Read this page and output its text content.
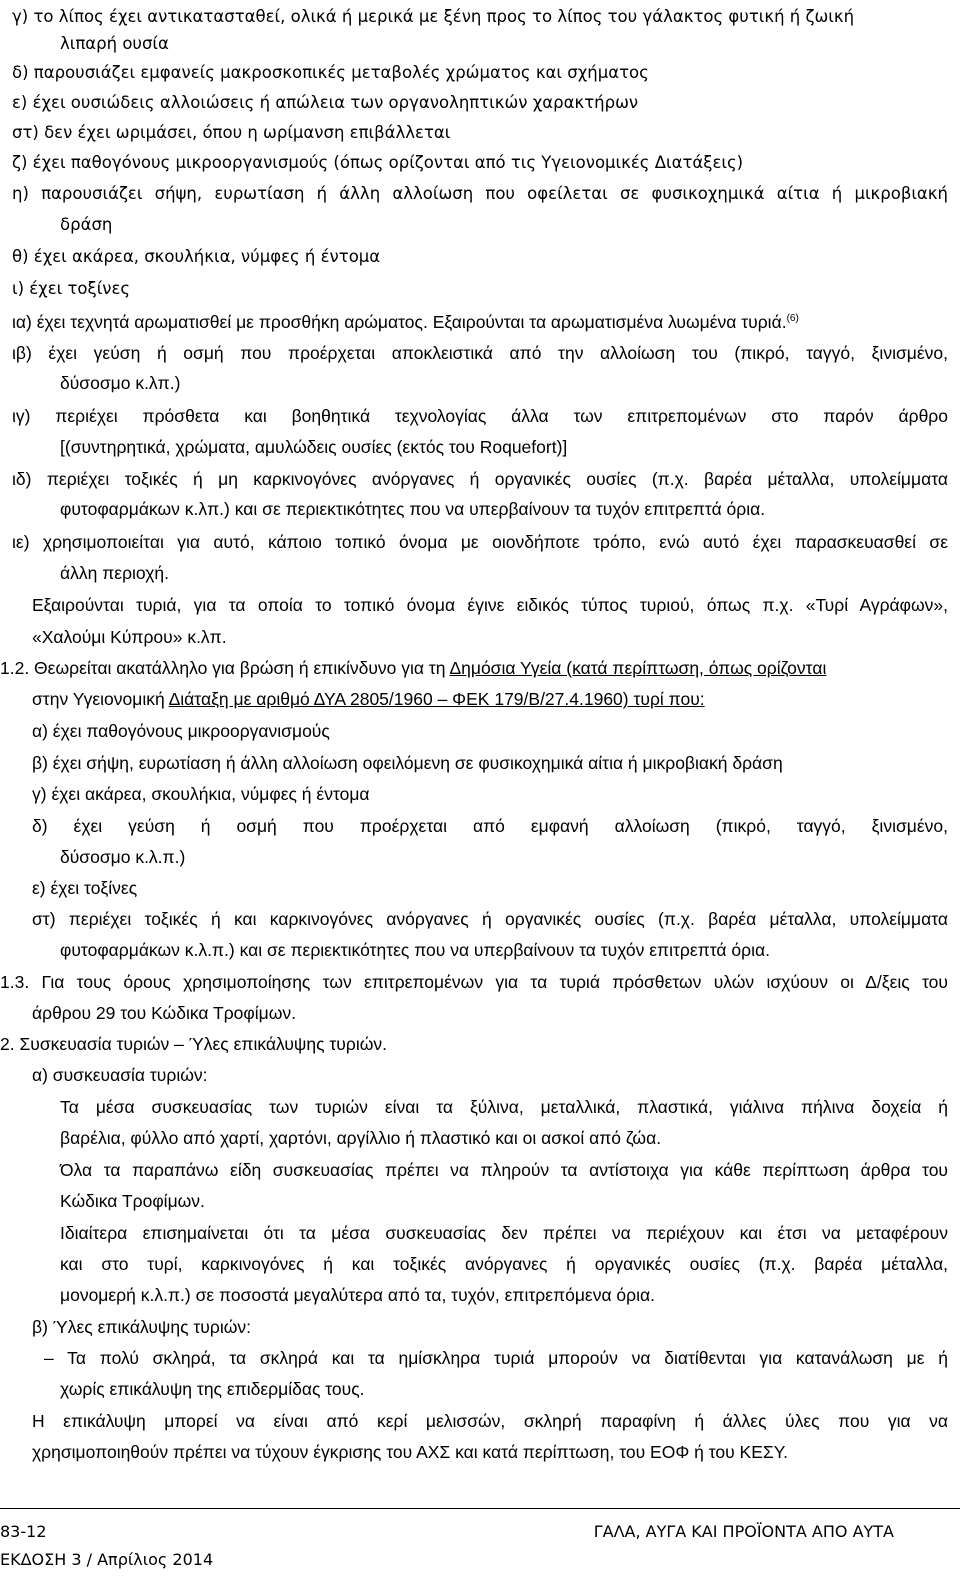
γ) το λίπος έχει αντικατασταθεί, ολικά ή μερικά με ξένη προς το λίπος του γάλακτος φυτική ή ζωική
λιπαρή ουσία
δ) παρουσιάζει εμφανείς μακροσκοπικές μεταβολές χρώματος και σχήματος
ε) έχει ουσιώδεις αλλοιώσεις ή απώλεια των οργανοληπτικών χαρακτήρων
στ) δεν έχει ωριμάσει, όπου η ωρίμανση επιβάλλεται
ζ) έχει παθογόνους μικροοργανισμούς (όπως ορίζονται από τις Υγειονομικές Διατάξεις)
η) παρουσιάζει σήψη, ευρωτίαση ή άλλη αλλοίωση που οφείλεται σε φυσικοχημικά αίτια ή μικροβιακή
δράση
θ) έχει ακάρεα, σκουλήκια, νύμφες ή έντομα
ι) έχει τοξίνες
ια) έχει τεχνητά αρωματισθεί με προσθήκη αρώματος. Εξαιρούνται τα αρωματισμένα λυωμένα τυριά.$^{(6)}$
ιβ) έχει γεύση ή οσμή που προέρχεται αποκλειστικά από την αλλοίωση του (πικρό, ταγγό, ξινισμένο,
δύσοσμο κ.λπ.)
ιγ) περιέχει πρόσθετα και βοηθητικά τεχνολογίας άλλα των επιτρεπομένων στο παρόν άρθρο
[(συντηρητικά, χρώματα, αμυλώδεις ουσίες (εκτός του Roquefort)]
ιδ) περιέχει τοξικές ή μη καρκινογόνες ανόργανες ή οργανικές ουσίες (π.χ. βαρέα μέταλλα, υπολείμματα
φυτοφαρμάκων κ.λπ.) και σε περιεκτικότητες που να υπερβαίνουν τα τυχόν επιτρεπτά όρια.
ιε) χρησιμοποιείται για αυτό, κάποιο τοπικό όνομα με οιονδήποτε τρόπο, ενώ αυτό έχει παρασκευασθεί σε
άλλη περιοχή.
Εξαιρούνται τυριά, για τα οποία το τοπικό όνομα έγινε ειδικός τύπος τυριού, όπως π.χ. «Τυρί Αγράφων»,
«Χαλούμι Κύπρου» κ.λπ.
1.2. Θεωρείται ακατάλληλο για βρώση ή επικίνδυνο για τη Δημόσια Υγεία (κατά περίπτωση, όπως ορίζονται
στην Υγειονομική Διάταξη με αριθμό ΔΥΑ 2805/1960 – ΦΕΚ 179/Β/27.4.1960) τυρί που:
α) έχει παθογόνους μικροοργανισμούς
β) έχει σήψη, ευρωτίαση ή άλλη αλλοίωση οφειλόμενη σε φυσικοχημικά αίτια ή μικροβιακή δράση
γ) έχει ακάρεα, σκουλήκια, νύμφες ή έντομα
δ) έχει γεύση ή οσμή που προέρχεται από εμφανή αλλοίωση (πικρό, ταγγό, ξινισμένο,
δύσοσμο κ.λ.π.)
ε) έχει τοξίνες
στ) περιέχει τοξικές ή και καρκινογόνες ανόργανες ή οργανικές ουσίες (π.χ. βαρέα μέταλλα, υπολείμματα
φυτοφαρμάκων κ.λ.π.) και σε περιεκτικότητες που να υπερβαίνουν τα τυχόν επιτρεπτά όρια.
1.3. Για τους όρους χρησιμοποίησης των επιτρεπομένων για τα τυριά πρόσθετων υλών ισχύουν οι Δ/ξεις του
άρθρου 29 του Κώδικα Τροφίμων.
2. Συσκευασία τυριών – Ύλες επικάλυψης τυριών.
α) συσκευασία τυριών:
Τα μέσα συσκευασίας των τυριών είναι τα ξύλινα, μεταλλικά, πλαστικά, γιάλινα πήλινα δοχεία ή
βαρέλια, φύλλο από χαρτί, χαρτόνι, αργίλλιο ή πλαστικό και οι ασκοί από ζώα.
Όλα τα παραπάνω είδη συσκευασίας πρέπει να πληρούν τα αντίστοιχα για κάθε περίπτωση άρθρα του
Κώδικα Τροφίμων.
Ιδιαίτερα επισημαίνεται ότι τα μέσα συσκευασίας δεν πρέπει να περιέχουν και έτσι να μεταφέρουν
και στο τυρί, καρκινογόνες ή και τοξικές ανόργανες ή οργανικές ουσίες (π.χ. βαρέα μέταλλα,
μονομερή κ.λ.π.) σε ποσοστά μεγαλύτερα από τα, τυχόν, επιτρεπόμενα όρια.
β) Ύλες επικάλυψης τυριών:
– Τα πολύ σκληρά, τα σκληρά και τα ημίσκληρα τυριά μπορούν να διατίθενται για κατανάλωση με ή
χωρίς επικάλυψη της επιδερμίδας τους.
Η επικάλυψη μπορεί να είναι από κερί μελισσών, σκληρή παραφίνη ή άλλες ύλες που για να
χρησιμοποιηθούν πρέπει να τύχουν έγκρισης του ΑΧΣ και κατά περίπτωση, του ΕΟΦ ή του ΚΕΣΥ.
83-12	ΓΑΛΑ, ΑΥΓΑ ΚΑΙ ΠΡΟΪΟΝΤΑ ΑΠΟ ΑΥΤΑ
ΕΚΔΟΣΗ 3 / Απρίλιος 2014
